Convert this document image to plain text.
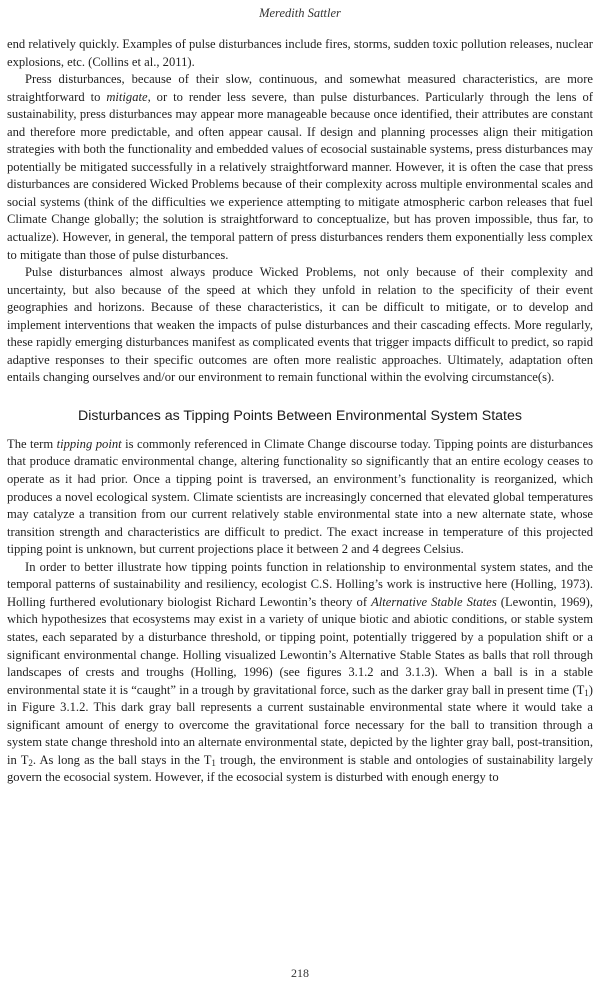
Meredith Sattler

end relatively quickly. Examples of pulse disturbances include fires, storms, sudden toxic pollution releases, nuclear explosions, etc. (Collins et al., 2011).

Press disturbances, because of their slow, continuous, and somewhat measured characteristics, are more straightforward to mitigate, or to render less severe, than pulse disturbances. Particularly through the lens of sustainability, press disturbances may appear more manageable because once identified, their attributes are constant and therefore more predictable, and often appear causal. If design and planning processes align their mitigation strategies with both the functionality and embedded values of ecosocial sustainable systems, press disturbances may potentially be mitigated successfully in a relatively straightforward manner. However, it is often the case that press disturbances are considered Wicked Problems because of their complexity across multiple environmental scales and social systems (think of the difficulties we experience attempting to mitigate atmospheric carbon releases that fuel Climate Change globally; the solution is straightforward to conceptualize, but has proven impossible, thus far, to actualize). However, in general, the temporal pattern of press disturbances renders them exponentially less complex to mitigate than those of pulse disturbances.

Pulse disturbances almost always produce Wicked Problems, not only because of their complexity and uncertainty, but also because of the speed at which they unfold in relation to the specificity of their event geographies and horizons. Because of these characteristics, it can be difficult to mitigate, or to develop and implement interventions that weaken the impacts of pulse disturbances and their cascading effects. More regularly, these rapidly emerging disturbances manifest as complicated events that trigger impacts difficult to predict, so rapid adaptive responses to their specific outcomes are often more realistic approaches. Ultimately, adaptation often entails changing ourselves and/or our environment to remain functional within the evolving circumstance(s).

Disturbances as Tipping Points Between Environmental System States

The term tipping point is commonly referenced in Climate Change discourse today. Tipping points are disturbances that produce dramatic environmental change, altering functionality so significantly that an entire ecology ceases to operate as it had prior. Once a tipping point is traversed, an environment’s functionality is reorganized, which produces a novel ecological system. Climate scientists are increasingly concerned that elevated global temperatures may catalyze a transition from our current relatively stable environmental state into a new alternate state, whose transition strength and characteristics are difficult to predict. The exact increase in temperature of this projected tipping point is unknown, but current projections place it between 2 and 4 degrees Celsius.

In order to better illustrate how tipping points function in relationship to environmental system states, and the temporal patterns of sustainability and resiliency, ecologist C.S. Holling’s work is instructive here (Holling, 1973). Holling furthered evolutionary biologist Richard Lewontin’s theory of Alternative Stable States (Lewontin, 1969), which hypothesizes that ecosystems may exist in a variety of unique biotic and abiotic conditions, or stable system states, each separated by a disturbance threshold, or tipping point, potentially triggered by a population shift or a significant environmental change. Holling visualized Lewontin’s Alternative Stable States as balls that roll through landscapes of crests and troughs (Holling, 1996) (see figures 3.1.2 and 3.1.3). When a ball is in a stable environmental state it is “caught” in a trough by gravitational force, such as the darker gray ball in present time $(T_1)$ in Figure 3.1.2. This dark gray ball represents a current sustainable environmental state where it would take a significant amount of energy to overcome the gravitational force necessary for the ball to transition through a system state change threshold into an alternate environmental state, depicted by the lighter gray ball, post-transition, in $T_2$. As long as the ball stays in the $T_1$ trough, the environment is stable and ontologies of sustainability largely govern the ecosocial system. However, if the ecosocial system is disturbed with enough energy to

218
